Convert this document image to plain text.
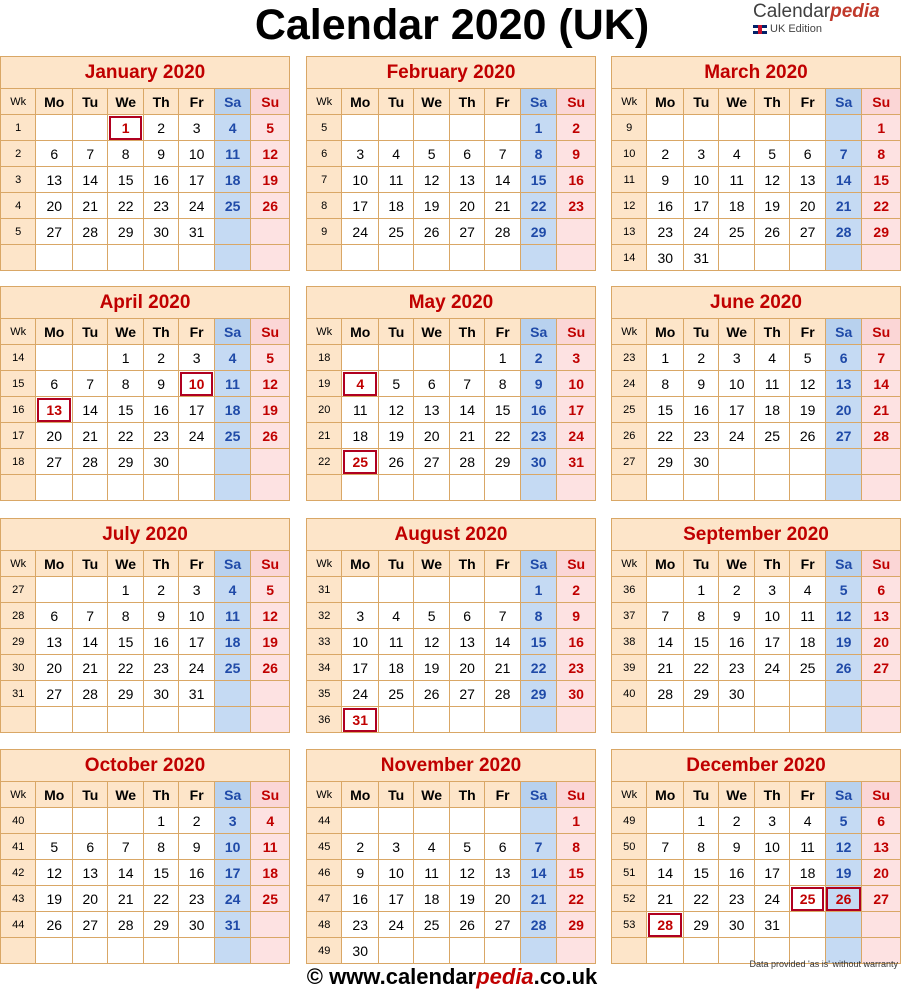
Calendar 2020 (UK)	Calendarpedia
UK Edition
January 2020							
Wk	Mo	Tu	We	Th	Fr	Sa	Su
1			1	2	3	4	5
2	6	7	8	9	10	11	12
3	13	14	15	16	17	18	19
4	20	21	22	23	24	25	26
5	27	28	29	30	31		

February 2020							
Wk	Mo	Tu	We	Th	Fr	Sa	Su
5						1	2
6	3	4	5	6	7	8	9
7	10	11	12	13	14	15	16
8	17	18	19	20	21	22	23
9	24	25	26	27	28	29	

March 2020							
Wk	Mo	Tu	We	Th	Fr	Sa	Su
9							1
10	2	3	4	5	6	7	8
11	9	10	11	12	13	14	15
12	16	17	18	19	20	21	22
13	23	24	25	26	27	28	29
14	30	31					
April 2020							
Wk	Mo	Tu	We	Th	Fr	Sa	Su
14			1	2	3	4	5
15	6	7	8	9	10	11	12
16	13	14	15	16	17	18	19
17	20	21	22	23	24	25	26
18	27	28	29	30			

May 2020							
Wk	Mo	Tu	We	Th	Fr	Sa	Su
18					1	2	3
19	4	5	6	7	8	9	10
20	11	12	13	14	15	16	17
21	18	19	20	21	22	23	24
22	25	26	27	28	29	30	31

June 2020							
Wk	Mo	Tu	We	Th	Fr	Sa	Su
23	1	2	3	4	5	6	7
24	8	9	10	11	12	13	14
25	15	16	17	18	19	20	21
26	22	23	24	25	26	27	28
27	29	30					

July 2020							
Wk	Mo	Tu	We	Th	Fr	Sa	Su
27			1	2	3	4	5
28	6	7	8	9	10	11	12
29	13	14	15	16	17	18	19
30	20	21	22	23	24	25	26
31	27	28	29	30	31		

August 2020							
Wk	Mo	Tu	We	Th	Fr	Sa	Su
31						1	2
32	3	4	5	6	7	8	9
33	10	11	12	13	14	15	16
34	17	18	19	20	21	22	23
35	24	25	26	27	28	29	30
36	31						
September 2020							
Wk	Mo	Tu	We	Th	Fr	Sa	Su
36		1	2	3	4	5	6
37	7	8	9	10	11	12	13
38	14	15	16	17	18	19	20
39	21	22	23	24	25	26	27
40	28	29	30				

October 2020							
Wk	Mo	Tu	We	Th	Fr	Sa	Su
40				1	2	3	4
41	5	6	7	8	9	10	11
42	12	13	14	15	16	17	18
43	19	20	21	22	23	24	25
44	26	27	28	29	30	31	

November 2020							
Wk	Mo	Tu	We	Th	Fr	Sa	Su
44							1
45	2	3	4	5	6	7	8
46	9	10	11	12	13	14	15
47	16	17	18	19	20	21	22
48	23	24	25	26	27	28	29
49	30						
December 2020							
Wk	Mo	Tu	We	Th	Fr	Sa	Su
49		1	2	3	4	5	6
50	7	8	9	10	11	12	13
51	14	15	16	17	18	19	20
52	21	22	23	24	25	26	27
53	28	29	30	31			

Data provided 'as is' without warranty
© www.calendarpedia.co.uk
